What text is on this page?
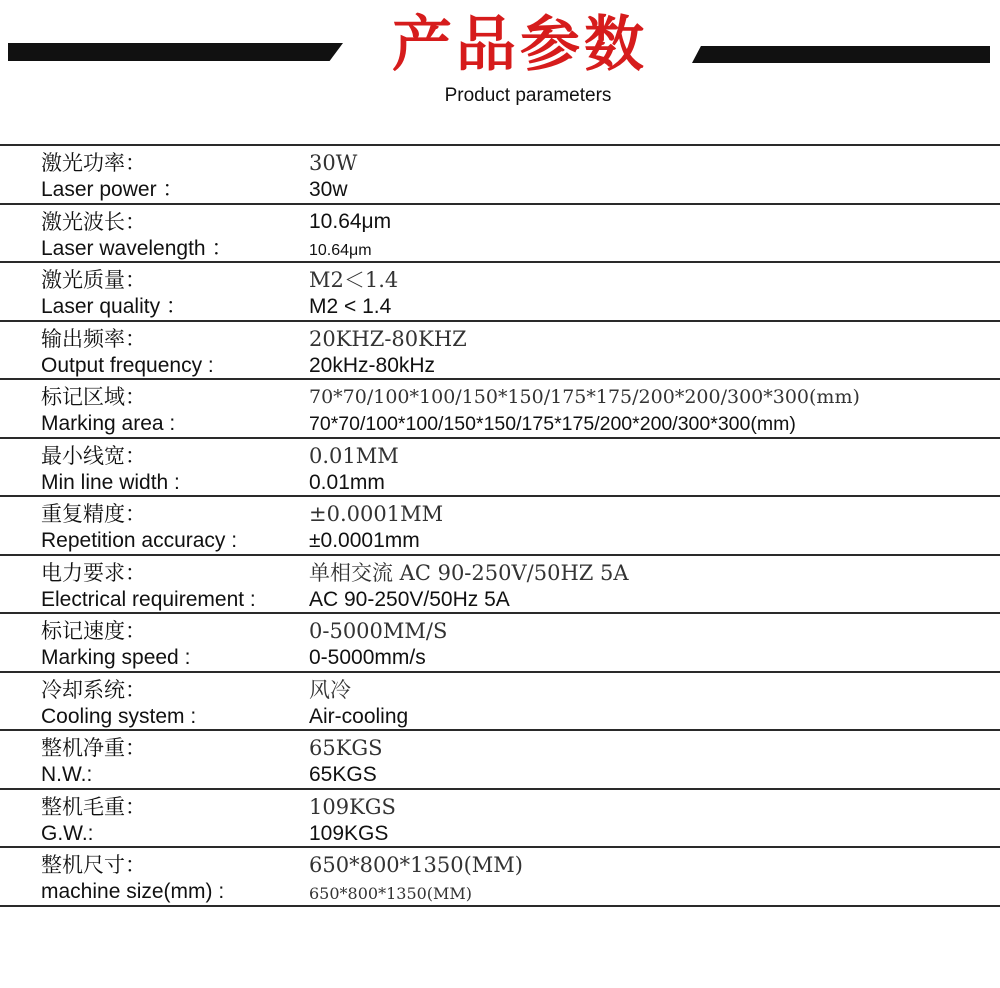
产品参数
Product parameters
激光功率：
Laser power ：
30W
30w
激光波长：
Laser wavelength ：
10.64μm
10.64μm
激光质量：
Laser quality ：
M2＜1.4
M2 < 1.4
输出频率：
Output frequency :
20KHZ-80KHZ
20kHz-80kHz
标记区域：
Marking area :
70*70/100*100/150*150/175*175/200*200/300*300(mm)
70*70/100*100/150*150/175*175/200*200/300*300(mm)
最小线宽：
Min line width :
0.01MM
0.01mm
重复精度：
Repetition accuracy :
±0.0001MM
±0.0001mm
电力要求：
Electrical requirement :
单相交流 AC 90-250V/50HZ 5A
AC 90-250V/50Hz 5A
标记速度：
Marking speed :
0-5000MM/S
0-5000mm/s
冷却系统：
Cooling system :
风冷
Air-cooling
整机净重：
N.W.:
65KGS
65KGS
整机毛重：
G.W.:
109KGS
109KGS
整机尺寸：
machine size(mm) :
650*800*1350(MM)
650*800*1350(MM)
